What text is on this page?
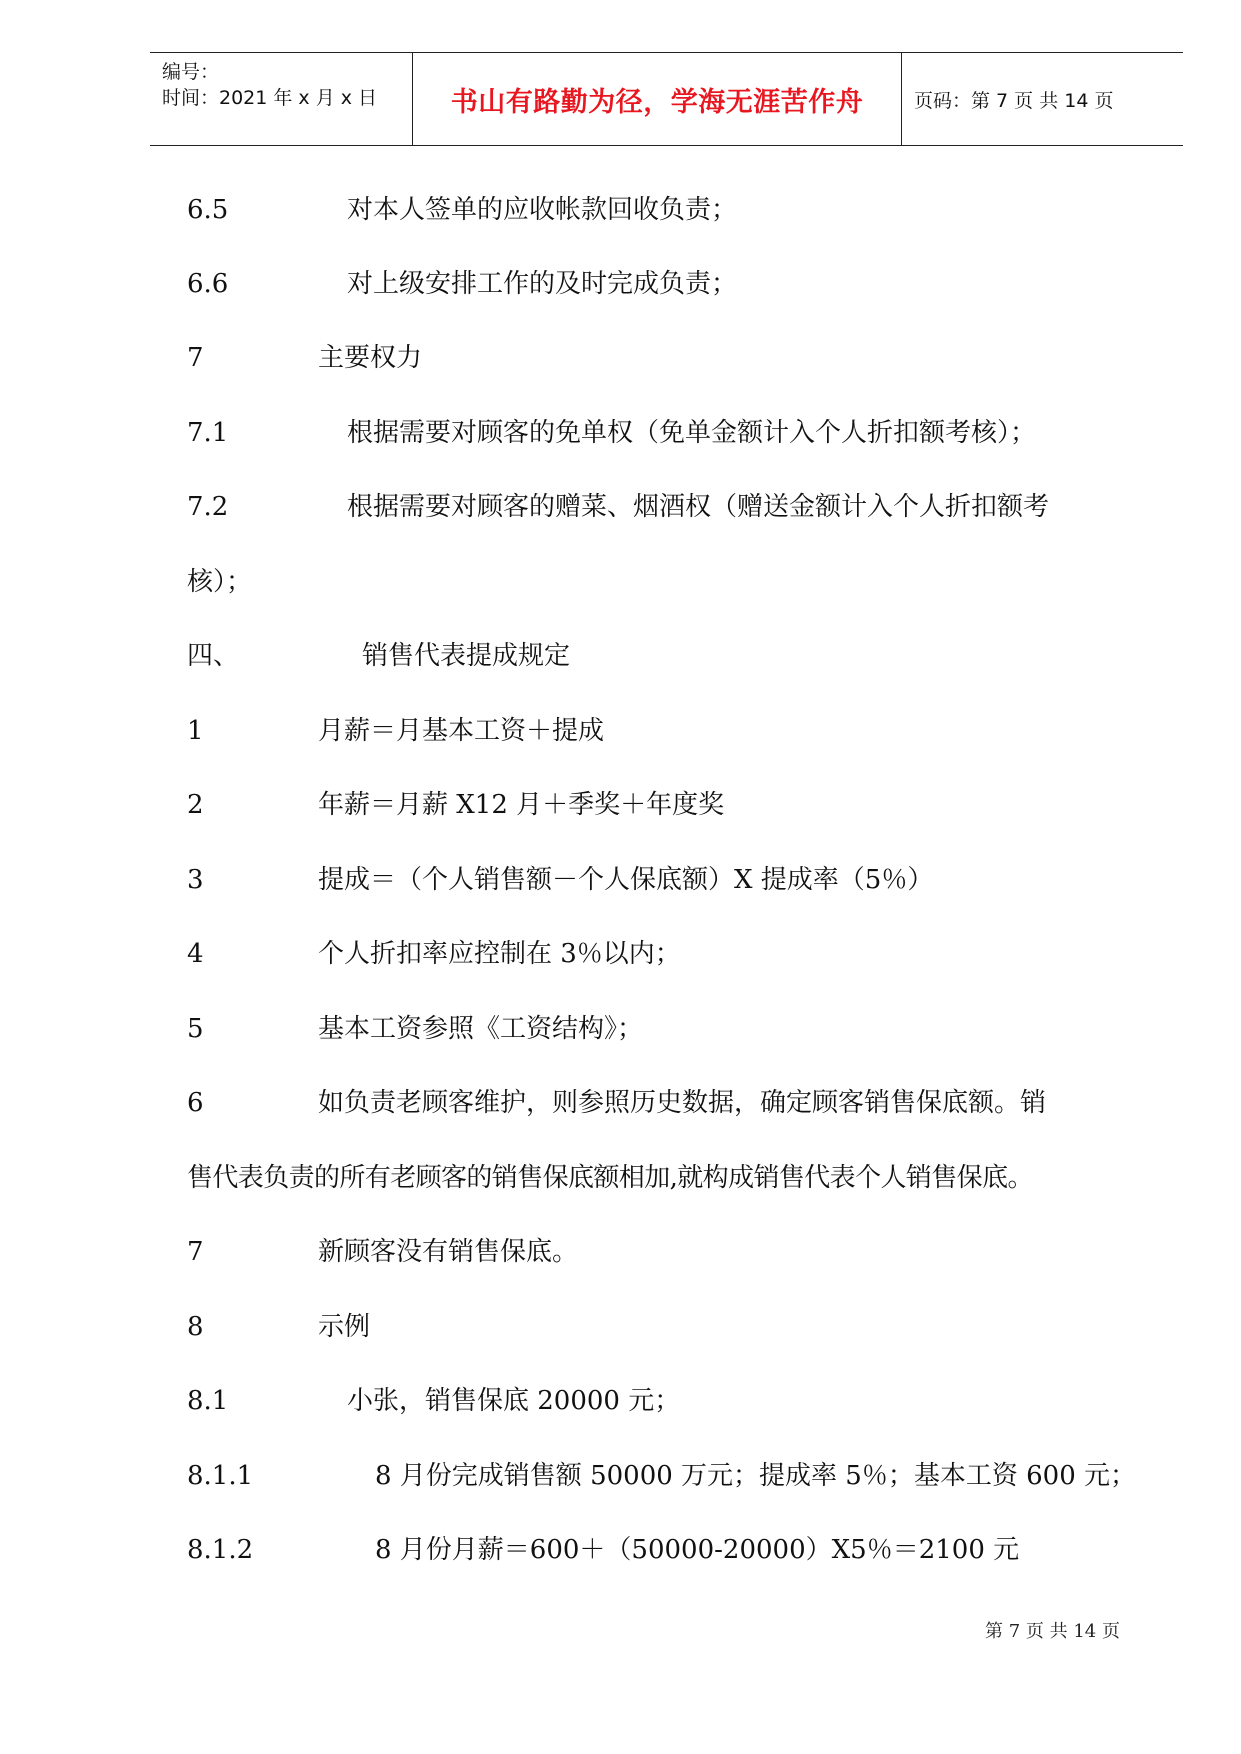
编号：
时间：2021 年 x 月 x 日	书山有路勤为径，学海无涯苦作舟	页码：第 7 页 共 14 页
6.5	对本人签单的应收帐款回收负责；
6.6	对上级安排工作的及时完成负责；
7	主要权力
7.1	根据需要对顾客的免单权（免单金额计入个人折扣额考核）；
7.2	根据需要对顾客的赠菜、烟酒权（赠送金额计入个人折扣额考
核）；
四、	销售代表提成规定
1	月薪＝月基本工资＋提成
2	年薪＝月薪 X12 月＋季奖＋年度奖
3	提成＝（个人销售额－个人保底额）X 提成率（5％）
4	个人折扣率应控制在 3％以内；
5	基本工资参照《工资结构》；
6	如负责老顾客维护，则参照历史数据，确定顾客销售保底额。销
售代表负责的所有老顾客的销售保底额相加,就构成销售代表个人销售保底。
7	新顾客没有销售保底。
8	示例
8.1	小张，销售保底 20000 元；
8.1.1	8 月份完成销售额 50000 万元；提成率 5％；基本工资 600 元；
8.1.2	8 月份月薪＝600＋（50000-20000）X5％＝2100 元
第 7 页 共 14 页
